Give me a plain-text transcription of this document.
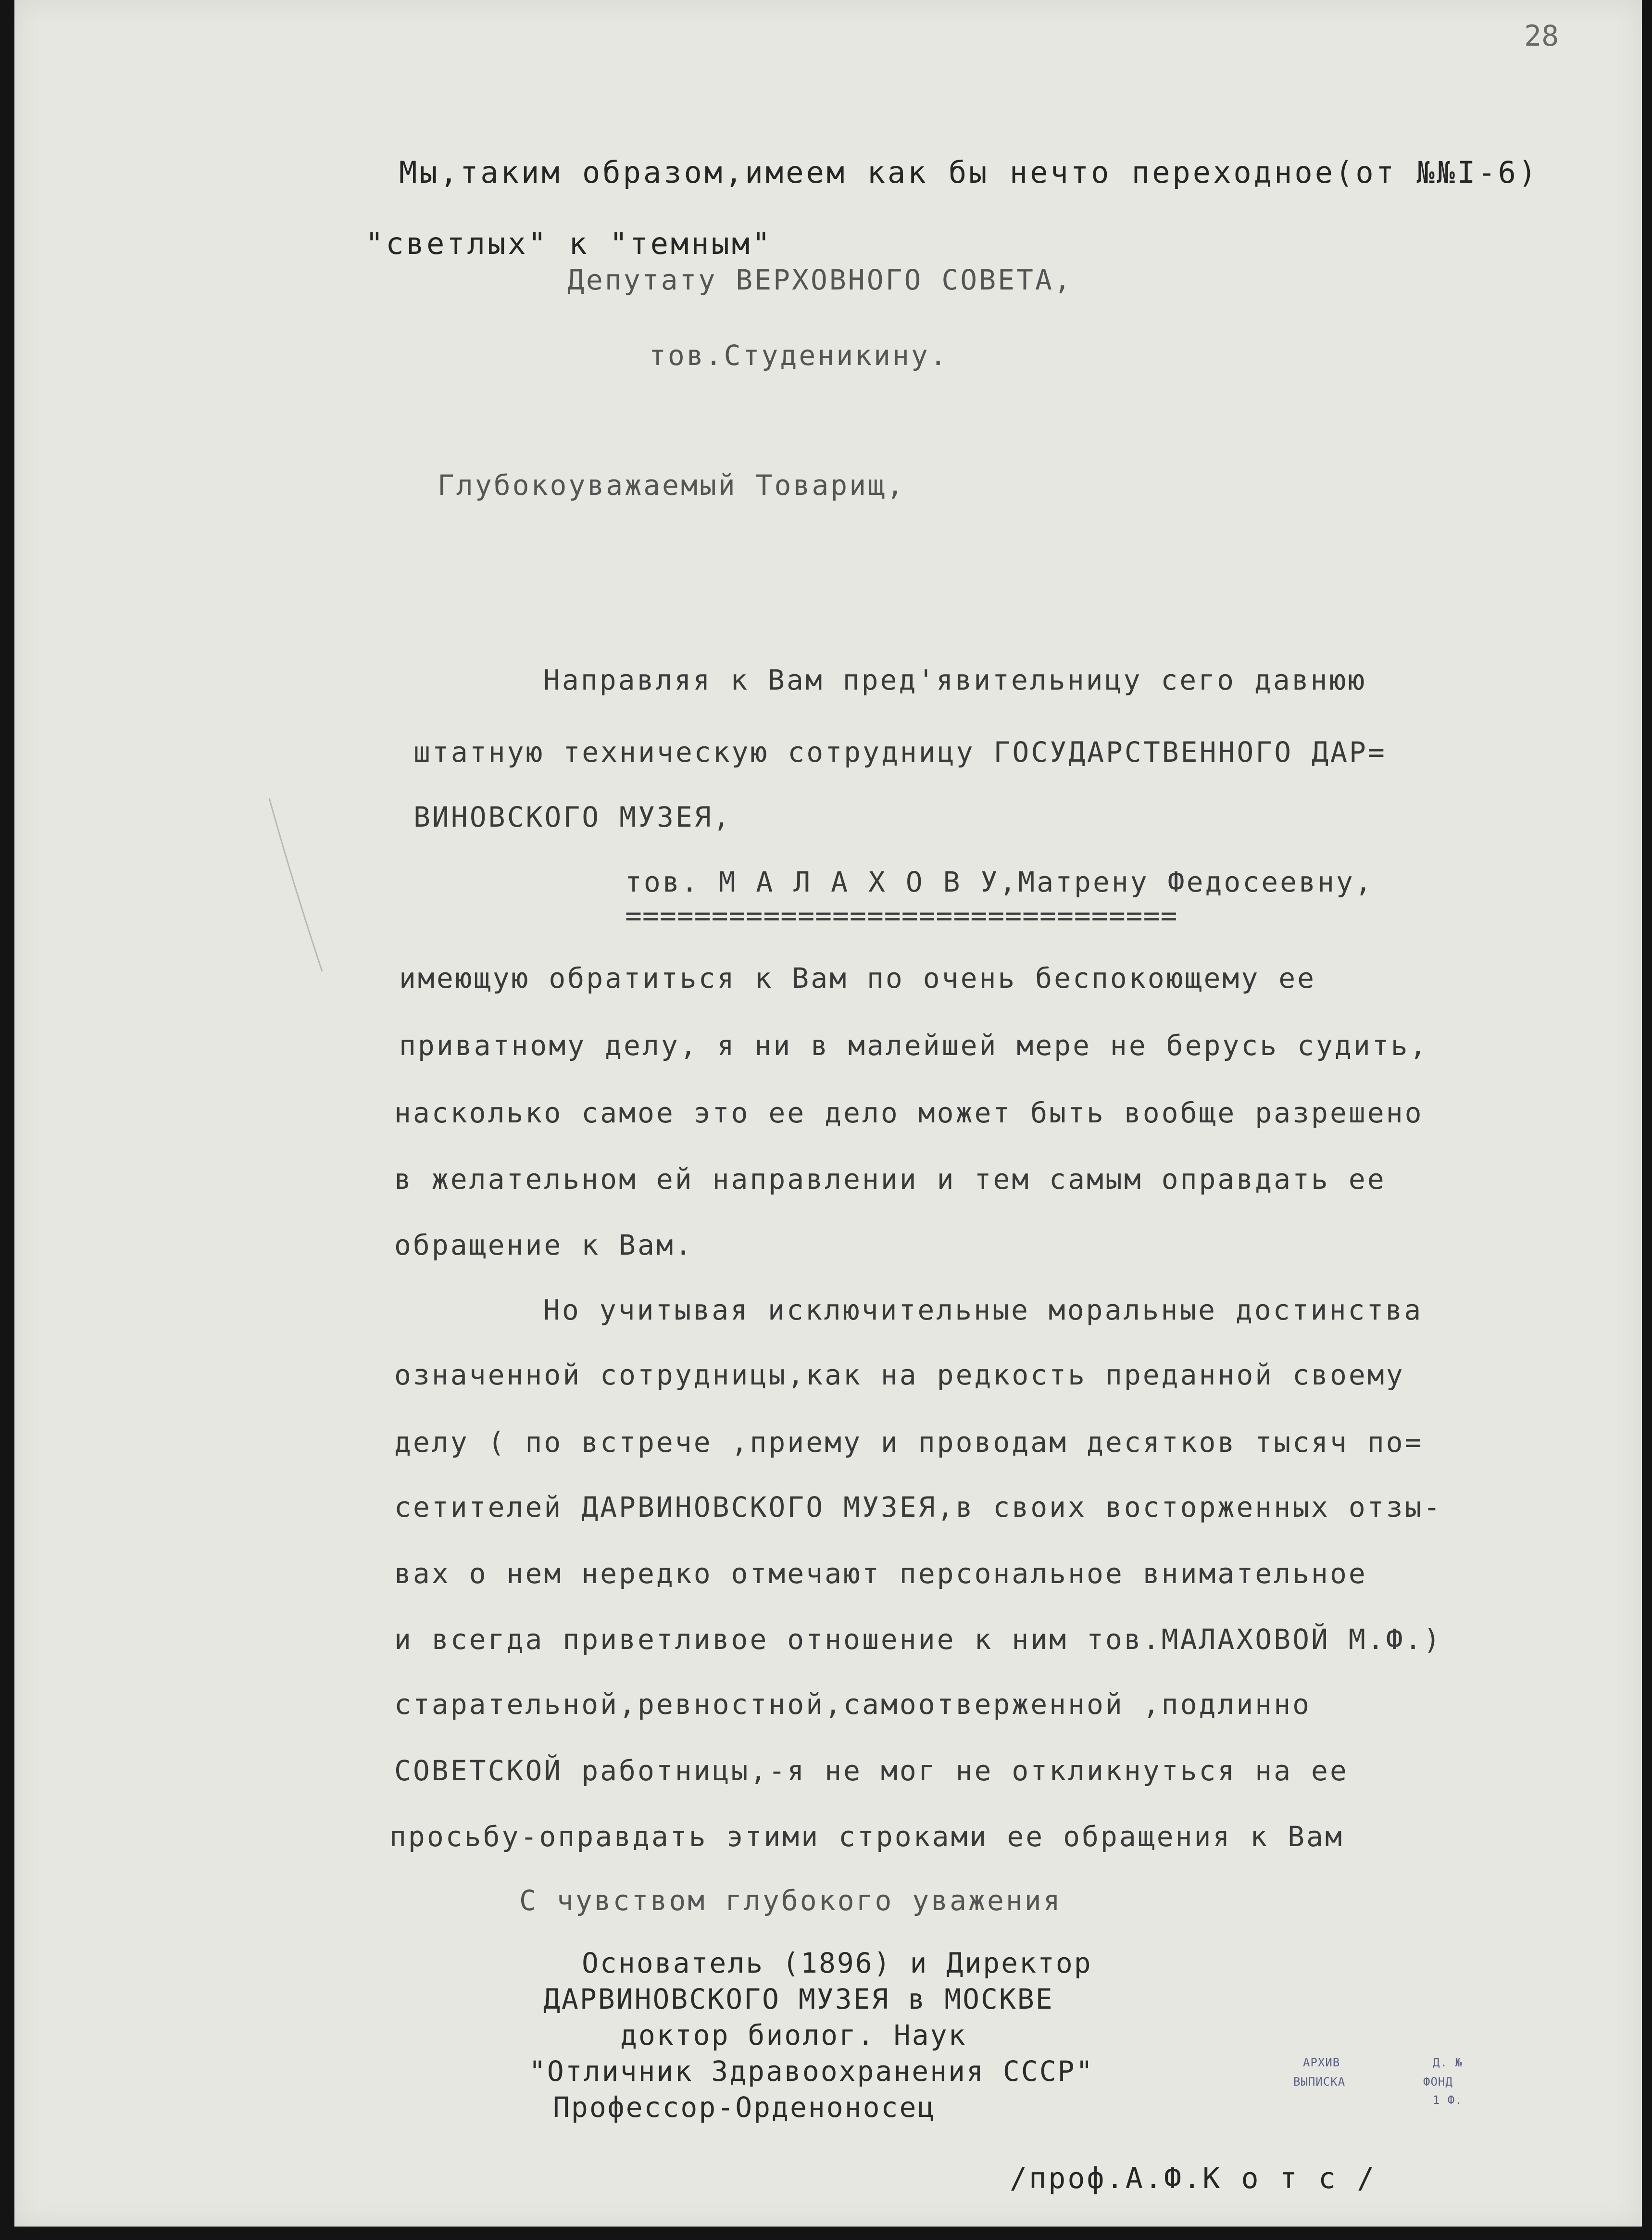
28
Мы,таким образом,имеем как бы нечто переходное(от №№I-6)
"светлых" к "темным"
Депутату ВЕРХОВНОГО СОВЕТА,
тов.Студеникину.
Глубокоуважаемый Товарищ,
Направляя к Вам пред'явительницу сего давнюю
штатную техническую сотрудницу ГОСУДАРСТВЕННОГО ДАР=
ВИНОВСКОГО МУЗЕЯ,
тов. М А Л А Х О В У,Матрену Федосеевну,
================================
имеющую обратиться к Вам по очень беспокоющему ее
приватному делу, я ни в малейшей мере не берусь судить,
насколько самое это ее дело может быть вообще разрешено
в желательном ей направлении и тем самым оправдать ее
обращение к Вам.
Но учитывая исключительные моральные достинства
означенной сотрудницы,как на редкость преданной своему
делу ( по встрече ,приему и проводам десятков тысяч по=
сетителей ДАРВИНОВСКОГО МУЗЕЯ,в своих восторженных отзы-
вах о нем нередко отмечают персональное внимательное
и всегда приветливое отношение к ним тов.МАЛАХОВОЙ М.Ф.)
старательной,ревностной,самоотверженной ,подлинно
СОВЕТСКОЙ работницы,-я не мог не откликнуться на ее
просьбу-оправдать этими строками ее обращения к Вам
С чувством глубокого уважения
Основатель (1896) и Директор
ДАРВИНОВСКОГО МУЗЕЯ в МОСКВЕ
доктор биолог. Наук
"Отличник Здравоохранения СССР"
Профессор-Орденоносец
/проф.А.Ф.К о т с /
АРХИВ	Д. №
ВЫПИСКА	ФОНД
1 Ф.
